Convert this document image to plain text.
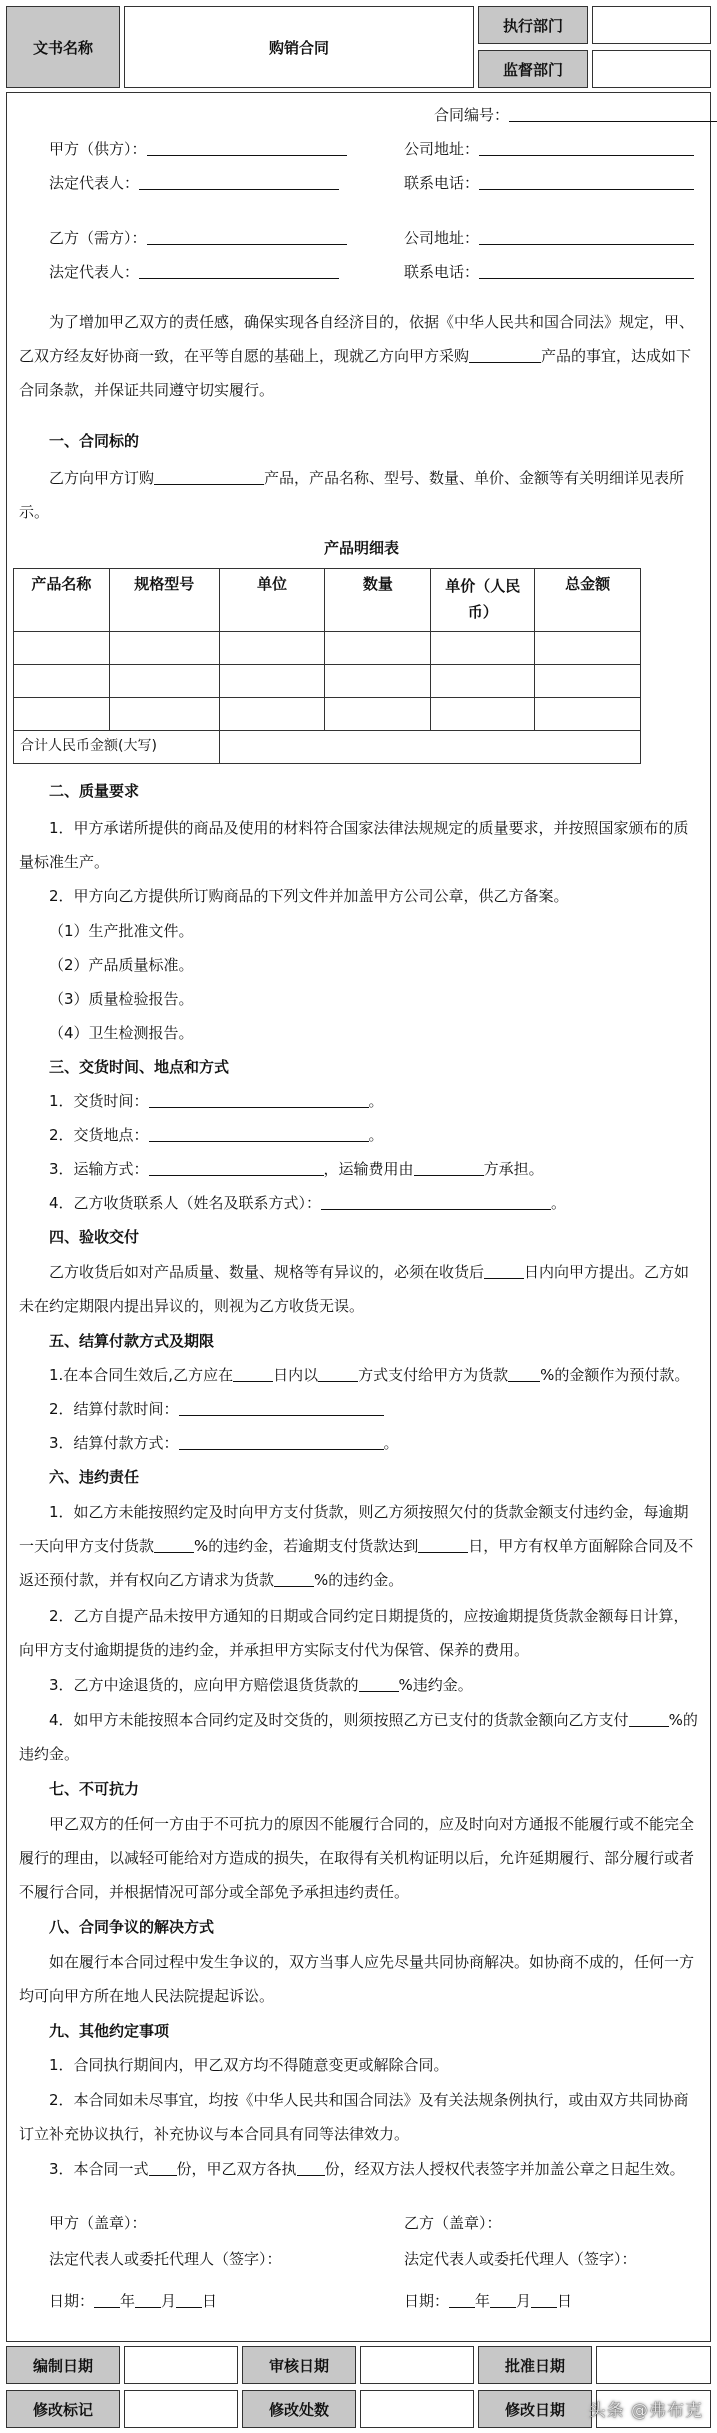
文书名称	购销合同
执行部门
监督部门
合同编号：
甲方（供方）：	公司地址：
法定代表人：	联系电话：
乙方（需方）：	公司地址：
法定代表人：	联系电话：
为了增加甲乙双方的责任感，确保实现各自经济目的，依据《中华人民共和国合同法》规定，甲、乙双方经友好协商一致，在平等自愿的基础上，现就乙方向甲方采购	产品的事宜，达成如下合同条款，并保证共同遵守切实履行。
一、合同标的
乙方向甲方订购	产品，产品名称、型号、数量、单价、金额等有关明细详见表所示。
产品明细表
产品名称	规格型号	单位	数量	单价（人民币）	总金额

合计人民币金额(大写)					
二、质量要求
1．甲方承诺所提供的商品及使用的材料符合国家法律法规规定的质量要求，并按照国家颁布的质量标准生产。
2．甲方向乙方提供所订购商品的下列文件并加盖甲方公司公章，供乙方备案。
（1）生产批准文件。
（2）产品质量标准。
（3）质量检验报告。
（4）卫生检测报告。
三、交货时间、地点和方式
1．交货时间：	。
2．交货地点：	。
3．运输方式：	，运输费用由	方承担。
4．乙方收货联系人（姓名及联系方式）：	。
四、验收交付
乙方收货后如对产品质量、数量、规格等有异议的，必须在收货后	日内向甲方提出。乙方如未在约定期限内提出异议的，则视为乙方收货无误。
五、结算付款方式及期限
1.在本合同生效后,乙方应在	日内以	方式支付给甲方为货款 %的金额作为预付款。
2．结算付款时间：
3．结算付款方式：	。
六、违约责任
1．如乙方未能按照约定及时向甲方支付货款，则乙方须按照欠付的货款金额支付违约金，每逾期一天向甲方支付货款	%的违约金，若逾期支付货款达到	日，甲方有权单方面解除合同及不返还预付款，并有权向乙方请求为货款	%的违约金。
2．乙方自提产品未按甲方通知的日期或合同约定日期提货的，应按逾期提货货款金额每日计算，向甲方支付逾期提货的违约金，并承担甲方实际支付代为保管、保养的费用。
3．乙方中途退货的，应向甲方赔偿退货货款的	%违约金。
4．如甲方未能按照本合同约定及时交货的，则须按照乙方已支付的货款金额向乙方支付	%的违约金。
七、不可抗力
甲乙双方的任何一方由于不可抗力的原因不能履行合同的，应及时向对方通报不能履行或不能完全履行的理由，以减轻可能给对方造成的损失，在取得有关机构证明以后，允许延期履行、部分履行或者不履行合同，并根据情况可部分或全部免予承担违约责任。
八、合同争议的解决方式
如在履行本合同过程中发生争议的，双方当事人应先尽量共同协商解决。如协商不成的，任何一方均可向甲方所在地人民法院提起诉讼。
九、其他约定事项
1．合同执行期间内，甲乙双方均不得随意变更或解除合同。
2．本合同如未尽事宜，均按《中华人民共和国合同法》及有关法规条例执行，或由双方共同协商订立补充协议执行，补充协议与本合同具有同等法律效力。
3．本合同一式 份，甲乙双方各执 份，经双方法人授权代表签字并加盖公章之日起生效。
甲方（盖章）：	乙方（盖章）：
法定代表人或委托代理人（签字）：	法定代表人或委托代理人（签字）：
日期： 年 月 日	日期： 年 月 日
编制日期	审核日期	批准日期
修改标记	修改处数	修改日期	头条 @弗布克
